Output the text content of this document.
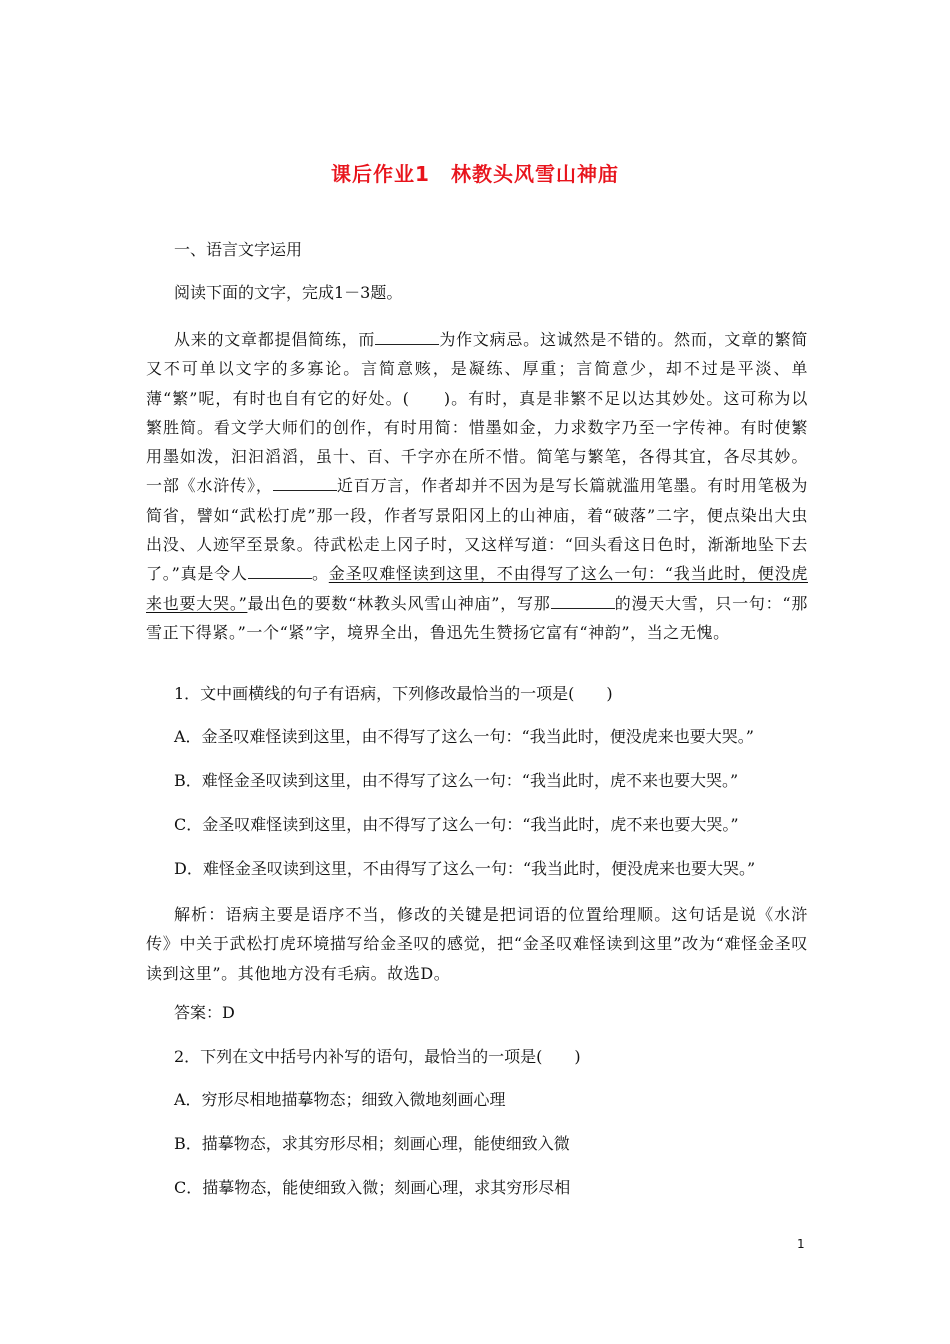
课后作业1　林教头风雪山神庙
一、语言文字运用
阅读下面的文字，完成1－3题。
从来的文章都提倡简练，而	为作文病忌。这诚然是不错的。然而，文章的繁简又不可单以文字的多寡论。言简意赅，是凝练、厚重；言简意少，却不过是平淡、单薄“繁”呢，有时也自有它的好处。(　　)。有时，真是非繁不足以达其妙处。这可称为以繁胜简。看文学大师们的创作，有时用简：惜墨如金，力求数字乃至一字传神。有时使繁用墨如泼，汩汩滔滔，虽十、百、千字亦在所不惜。简笔与繁笔，各得其宜，各尽其妙。一部《水浒传》，	近百万言，作者却并不因为是写长篇就滥用笔墨。有时用笔极为简省，譬如“武松打虎”那一段，作者写景阳冈上的山神庙，着“破落”二字，便点染出大虫出没、人迹罕至景象。待武松走上冈子时，又这样写道：“回头看这日色时，渐渐地坠下去了。”真是令人	。金圣叹难怪读到这里，不由得写了这么一句：“我当此时，便没虎来也要大哭。”最出色的要数“林教头风雪山神庙”，写那	的漫天大雪，只一句：“那雪正下得紧。”一个“紧”字，境界全出，鲁迅先生赞扬它富有“神韵”，当之无愧。
1．文中画横线的句子有语病，下列修改最恰当的一项是(　　)
A．金圣叹难怪读到这里，由不得写了这么一句：“我当此时，便没虎来也要大哭。”
B．难怪金圣叹读到这里，由不得写了这么一句：“我当此时，虎不来也要大哭。”
C．金圣叹难怪读到这里，由不得写了这么一句：“我当此时，虎不来也要大哭。”
D．难怪金圣叹读到这里，不由得写了这么一句：“我当此时，便没虎来也要大哭。”
解析：语病主要是语序不当，修改的关键是把词语的位置给理顺。这句话是说《水浒传》中关于武松打虎环境描写给金圣叹的感觉，把“金圣叹难怪读到这里”改为“难怪金圣叹读到这里”。其他地方没有毛病。故选D。
答案：D
2．下列在文中括号内补写的语句，最恰当的一项是(　　)
A．穷形尽相地描摹物态；细致入微地刻画心理
B．描摹物态，求其穷形尽相；刻画心理，能使细致入微
C．描摹物态，能使细致入微；刻画心理，求其穷形尽相
1
